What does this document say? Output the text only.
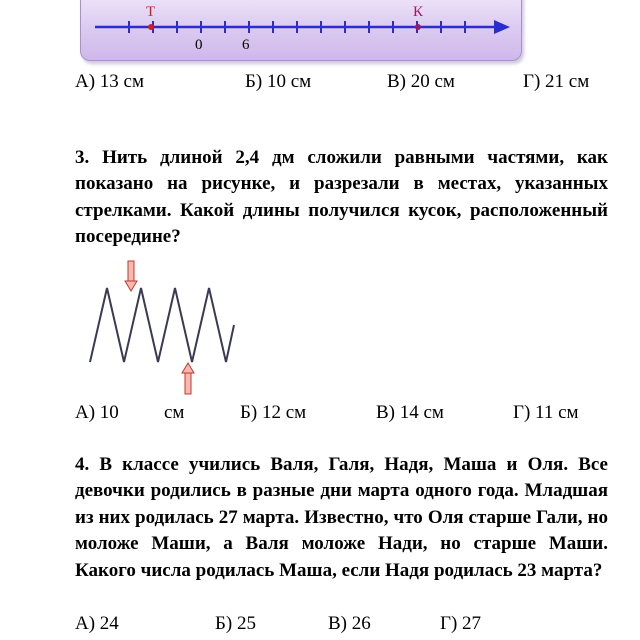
Т	К
0	6
А) 13 см	Б) 10 см	В) 20 см	Г) 21 см
3. Нить длиной 2,4 дм сложили равными частями, как показано на рисунке, и разрезали в местах, указанных стрелками. Какой длины получился кусок, расположенный посередине?
А) 10 см	Б) 12 см	В) 14 см	Г) 11 см
4. В классе учились Валя, Галя, Надя, Маша и Оля. Все девочки родились в разные дни марта одного года. Младшая из них родилась 27 марта. Известно, что Оля старше Гали, но моложе Маши, а Валя моложе Нади, но старше Маши. Какого числа родилась Маша, если Надя родилась 23 марта?
А) 24	Б) 25	В) 26	Г) 27
